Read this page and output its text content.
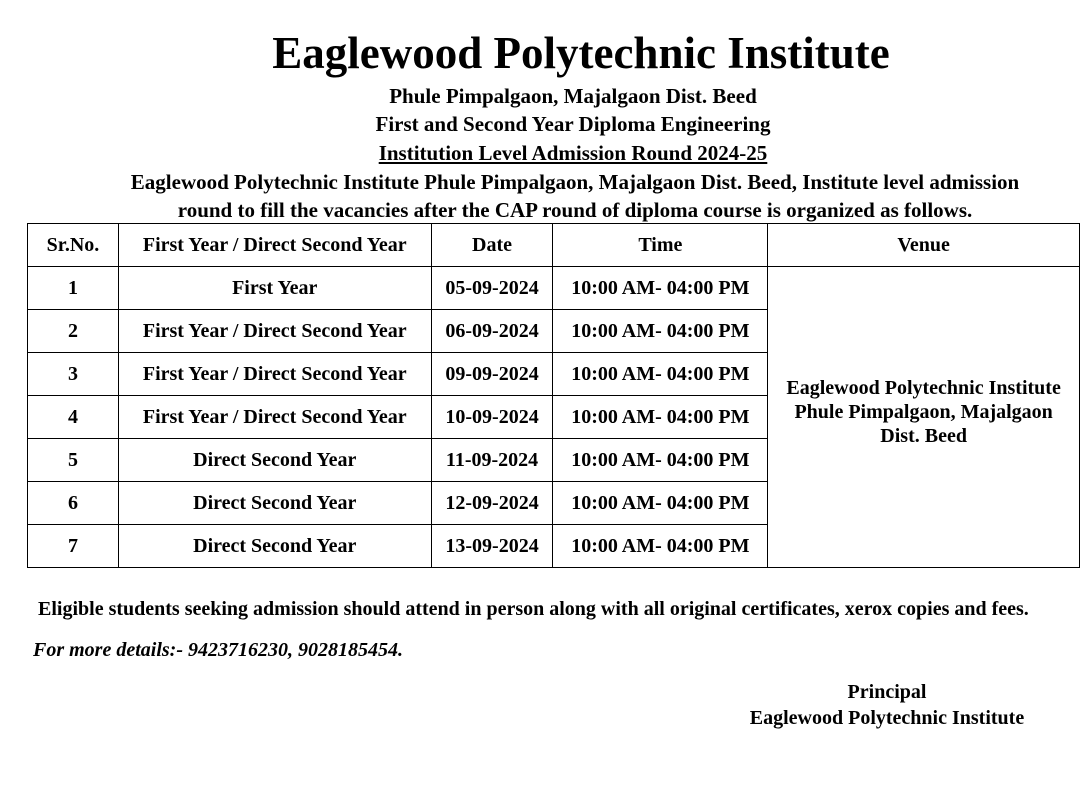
Eaglewood Polytechnic Institute
Phule Pimpalgaon, Majalgaon Dist. Beed
First and Second Year Diploma Engineering
Institution Level Admission Round 2024-25
Eaglewood Polytechnic Institute Phule Pimpalgaon, Majalgaon Dist. Beed, Institute level admission
round to fill the vacancies after the CAP round of diploma course is organized as follows.
Sr.No.	First Year / Direct Second Year	Date	Time	Venue
1	First Year	05-09-2024	10:00 AM- 04:00 PM	Eaglewood Polytechnic Institute
Phule Pimpalgaon, Majalgaon
Dist. Beed

2	First Year / Direct Second Year	06-09-2024	10:00 AM- 04:00 PM	
3	First Year / Direct Second Year	09-09-2024	10:00 AM- 04:00 PM	
4	First Year / Direct Second Year	10-09-2024	10:00 AM- 04:00 PM	
5	Direct Second Year	11-09-2024	10:00 AM- 04:00 PM	
6	Direct Second Year	12-09-2024	10:00 AM- 04:00 PM	
7	Direct Second Year	13-09-2024	10:00 AM- 04:00 PM	
Eligible students seeking admission should attend in person along with all original certificates, xerox copies and fees.
For more details:- 9423716230, 9028185454.
Principal
Eaglewood Polytechnic Institute
